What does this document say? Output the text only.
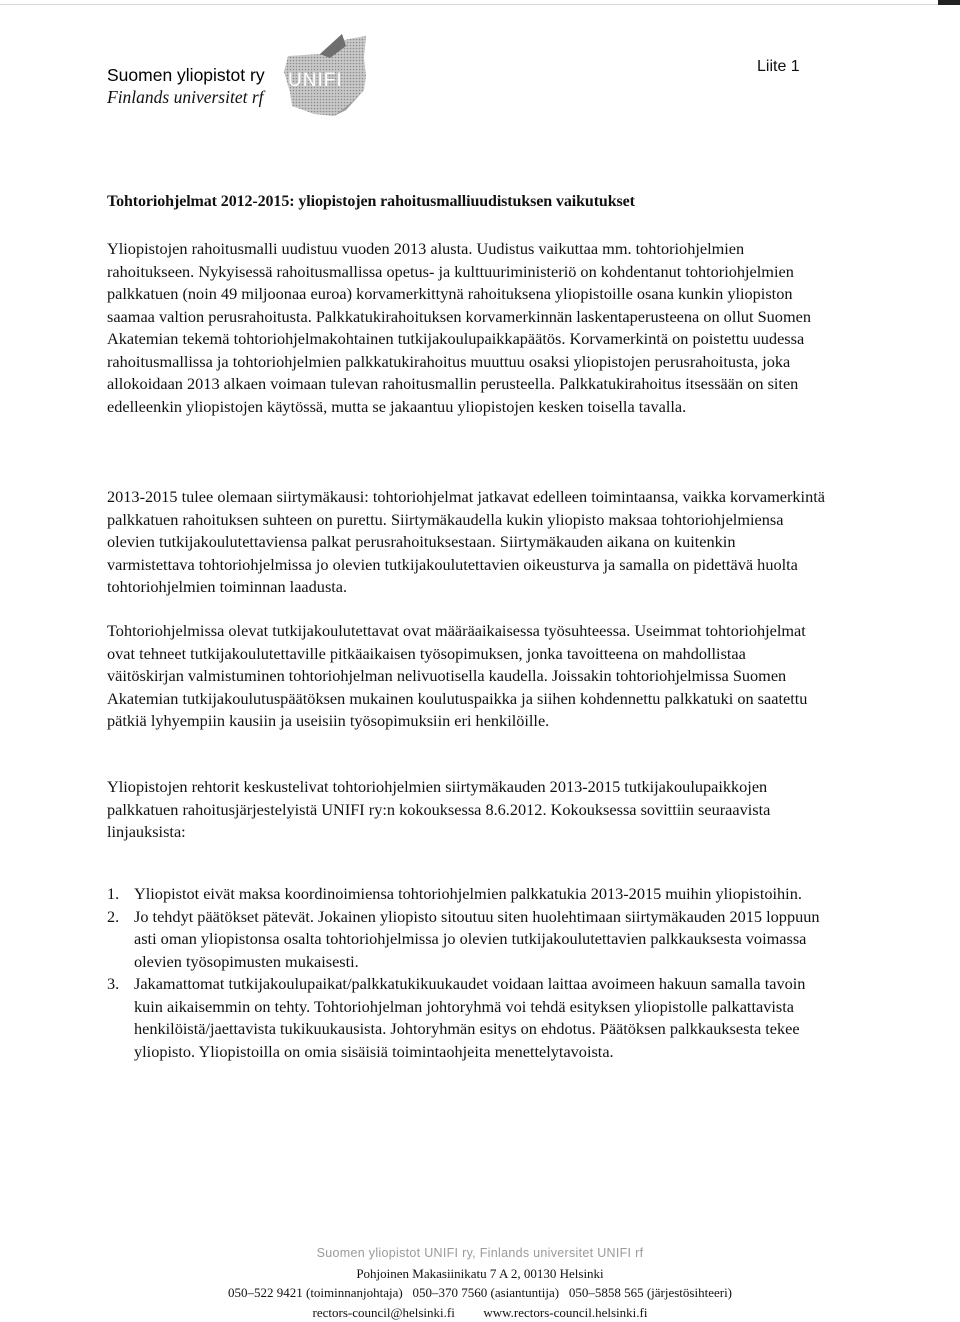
Suomen yliopistot ry
Finlands universitet rf
UNIFI
Liite 1
Tohtoriohjelmat 2012-2015: yliopistojen rahoitusmalliuudistuksen vaikutukset

Yliopistojen rahoitusmalli uudistuu vuoden 2013 alusta. Uudistus vaikuttaa mm. tohtoriohjelmien rahoitukseen. Nykyisessä rahoitusmallissa opetus- ja kulttuuriministeriö on kohdentanut tohtoriohjelmien palkkatuen (noin 49 miljoonaa euroa) korvamerkittynä rahoituksena yliopistoille osana kunkin yliopiston saamaa valtion perusrahoitusta. Palkkatukirahoituksen korvamerkinnän laskentaperusteena on ollut Suomen Akatemian tekemä tohtoriohjelmakohtainen tutkijakoulupaikkapäätös. Korvamerkintä on poistettu uudessa rahoitusmallissa ja tohtoriohjelmien palkkatukirahoitus muuttuu osaksi yliopistojen perusrahoitusta, joka allokoidaan 2013 alkaen voimaan tulevan rahoitusmallin perusteella. Palkkatukirahoitus itsessään on siten edelleenkin yliopistojen käytössä, mutta se jakaantuu yliopistojen kesken toisella tavalla.

2013-2015 tulee olemaan siirtymäkausi: tohtoriohjelmat jatkavat edelleen toimintaansa, vaikka korvamerkintä palkkatuen rahoituksen suhteen on purettu. Siirtymäkaudella kukin yliopisto maksaa tohtoriohjelmiensa olevien tutkijakoulutettaviensa palkat perusrahoituksestaan. Siirtymäkauden aikana on kuitenkin varmistettava tohtoriohjelmissa jo olevien tutkijakoulutettavien oikeusturva ja samalla on pidettävä huolta tohtoriohjelmien toiminnan laadusta.

Tohtoriohjelmissa olevat tutkijakoulutettavat ovat määräaikaisessa työsuhteessa. Useimmat tohtoriohjelmat ovat tehneet tutkijakoulutettaville pitkäaikaisen työsopimuksen, jonka tavoitteena on mahdollistaa väitöskirjan valmistuminen tohtoriohjelman nelivuotisella kaudella. Joissakin tohtoriohjelmissa Suomen Akatemian tutkijakoulutuspäätöksen mukainen koulutuspaikka ja siihen kohdennettu palkkatuki on saatettu pätkiä lyhyempiin kausiin ja useisiin työsopimuksiin eri henkilöille.

Yliopistojen rehtorit keskustelivat tohtoriohjelmien siirtymäkauden 2013-2015 tutkijakoulupaikkojen palkkatuen rahoitusjärjestelyistä UNIFI ry:n kokouksessa 8.6.2012. Kokouksessa sovittiin seuraavista linjauksista:

1. Yliopistot eivät maksa koordinoimiensa tohtoriohjelmien palkkatukia 2013-2015 muihin yliopistoihin.
2. Jo tehdyt päätökset pätevät. Jokainen yliopisto sitoutuu siten huolehtimaan siirtymäkauden 2015 loppuun asti oman yliopistonsa osalta tohtoriohjelmissa jo olevien tutkijakoulutettavien palkkauksesta voimassa olevien työsopimusten mukaisesti.
3. Jakamattomat tutkijakoulupaikat/palkkatukikuukaudet voidaan laittaa avoimeen hakuun samalla tavoin kuin aikaisemmin on tehty. Tohtoriohjelman johtoryhmä voi tehdä esityksen yliopistolle palkattavista henkilöistä/jaettavista tukikuukausista. Johtoryhmän esitys on ehdotus. Päätöksen palkkauksesta tekee yliopisto. Yliopistoilla on omia sisäisiä toimintaohjeita menettelytavoista.
Suomen yliopistot UNIFI ry, Finlands universitet UNIFI rf
Pohjoinen Makasiinikatu 7 A 2, 00130 Helsinki
050–522 9421 (toiminnanjohtaja)   050–370 7560 (asiantuntija)   050–5858 565 (järjestösihteeri)
rectors-council@helsinki.fi www.rectors-council.helsinki.fi
